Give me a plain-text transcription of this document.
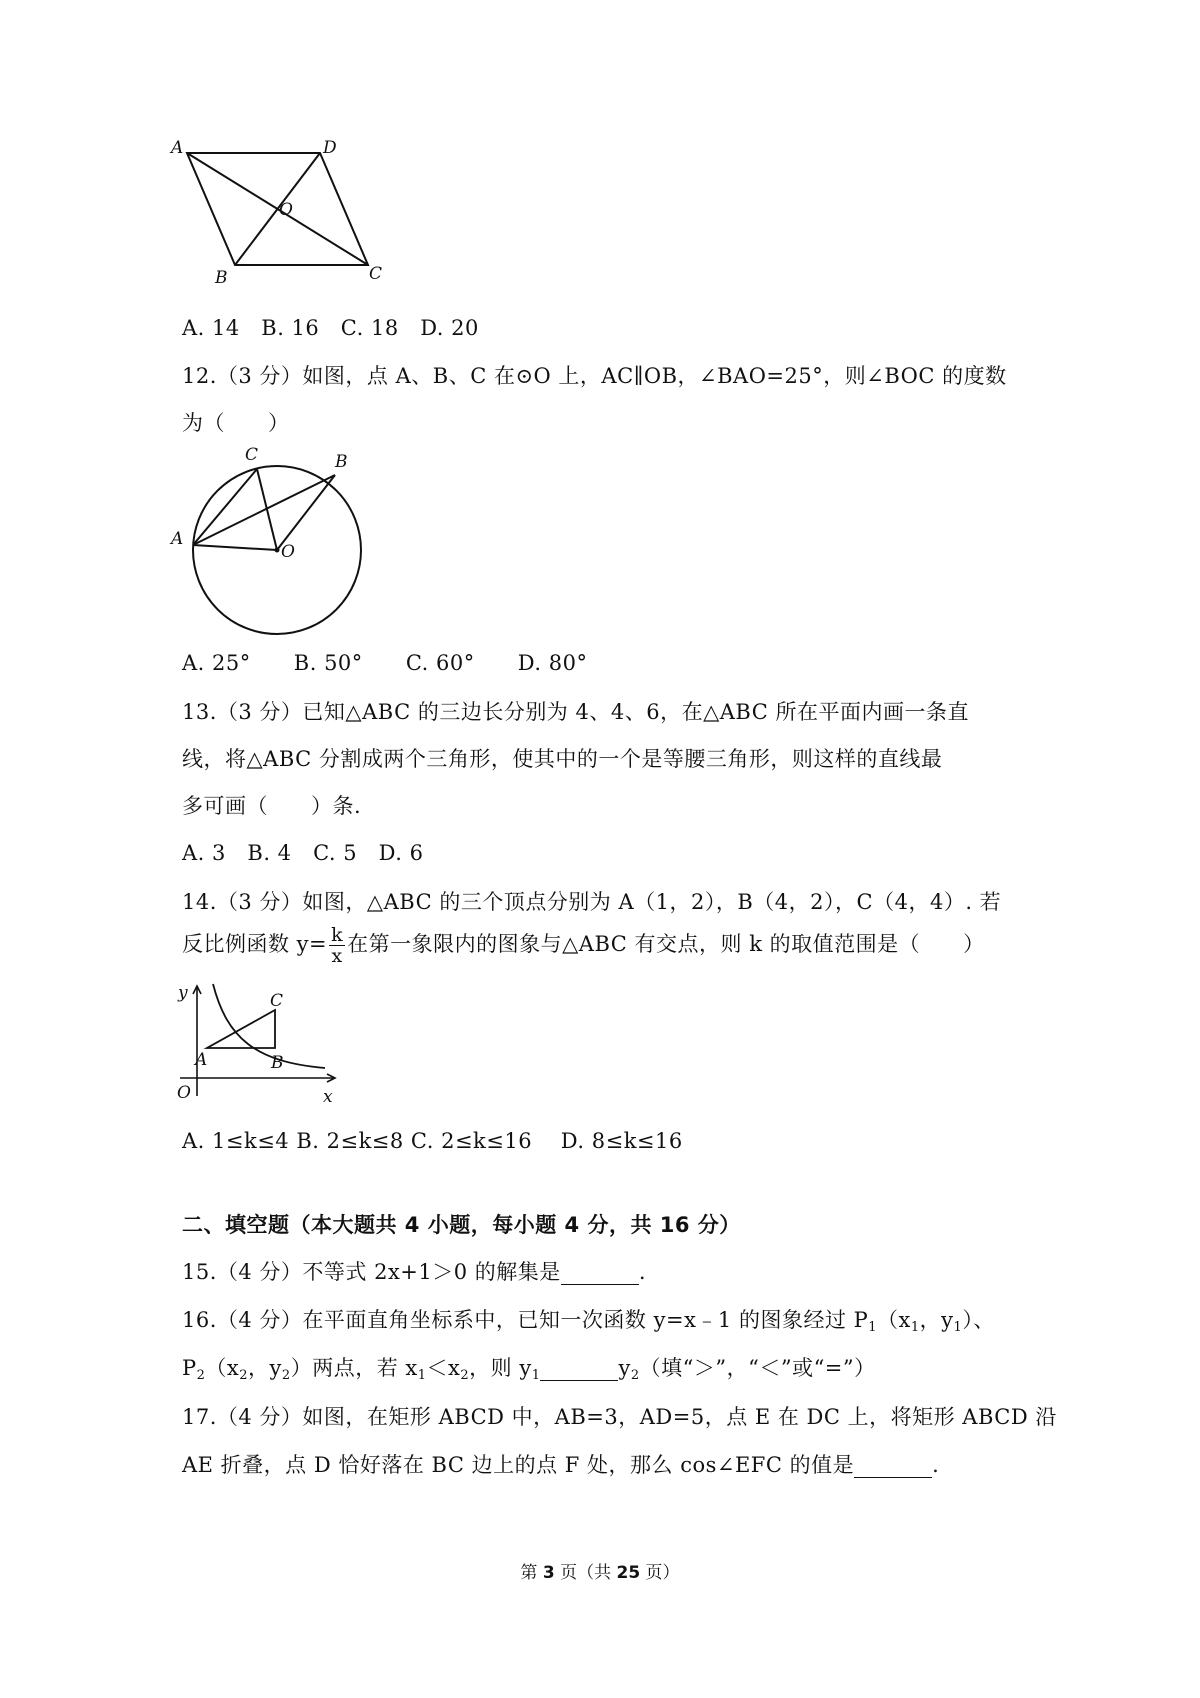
A	D
O
B	C
A. 14   B. 16   C. 18   D. 20
12.（3 分）如图，点 A、B、C 在⊙O 上，AC∥OB，∠BAO=25°，则∠BOC 的度数
为（      ）
C	B
A
O
A. 25°      B. 50°      C. 60°      D. 80°
13.（3 分）已知△ABC 的三边长分别为 4、4、6，在△ABC 所在平面内画一条直
线，将△ABC 分割成两个三角形，使其中的一个是等腰三角形，则这样的直线最
多可画（      ）条.
A. 3   B. 4   C. 5   D. 6
14.（3 分）如图，△ABC 的三个顶点分别为 A（1，2），B（4，2），C（4，4）. 若
反比例函数 $y= \frac{k}{x}$ 在第一象限内的图象与△ABC 有交点，则 k 的取值范围是（      ）
y	C
A	B
O	x
A. 1≤k≤4 B. 2≤k≤8 C. 2≤k≤16    D. 8≤k≤16
二、填空题（本大题共 4 小题，每小题 4 分，共 16 分）
15.（4 分）不等式 2x+1＞0 的解集是	.
16.（4 分）在平面直角坐标系中，已知一次函数 y=x﹣1 的图象经过 $P_1(x_1$，$y_1$）、
$P_2(x_2$，$y_2$）两点，若 $x_1<x_2$，则 $y_1$	$y_2$（填“＞”，“＜”或“=”）
17.（4 分）如图，在矩形 ABCD 中，AB=3，AD=5，点 E 在 DC 上，将矩形 ABCD 沿
AE 折叠，点 D 恰好落在 BC 边上的点 F 处，那么 cos∠EFC 的值是	.
第 3 页（共 25 页）
